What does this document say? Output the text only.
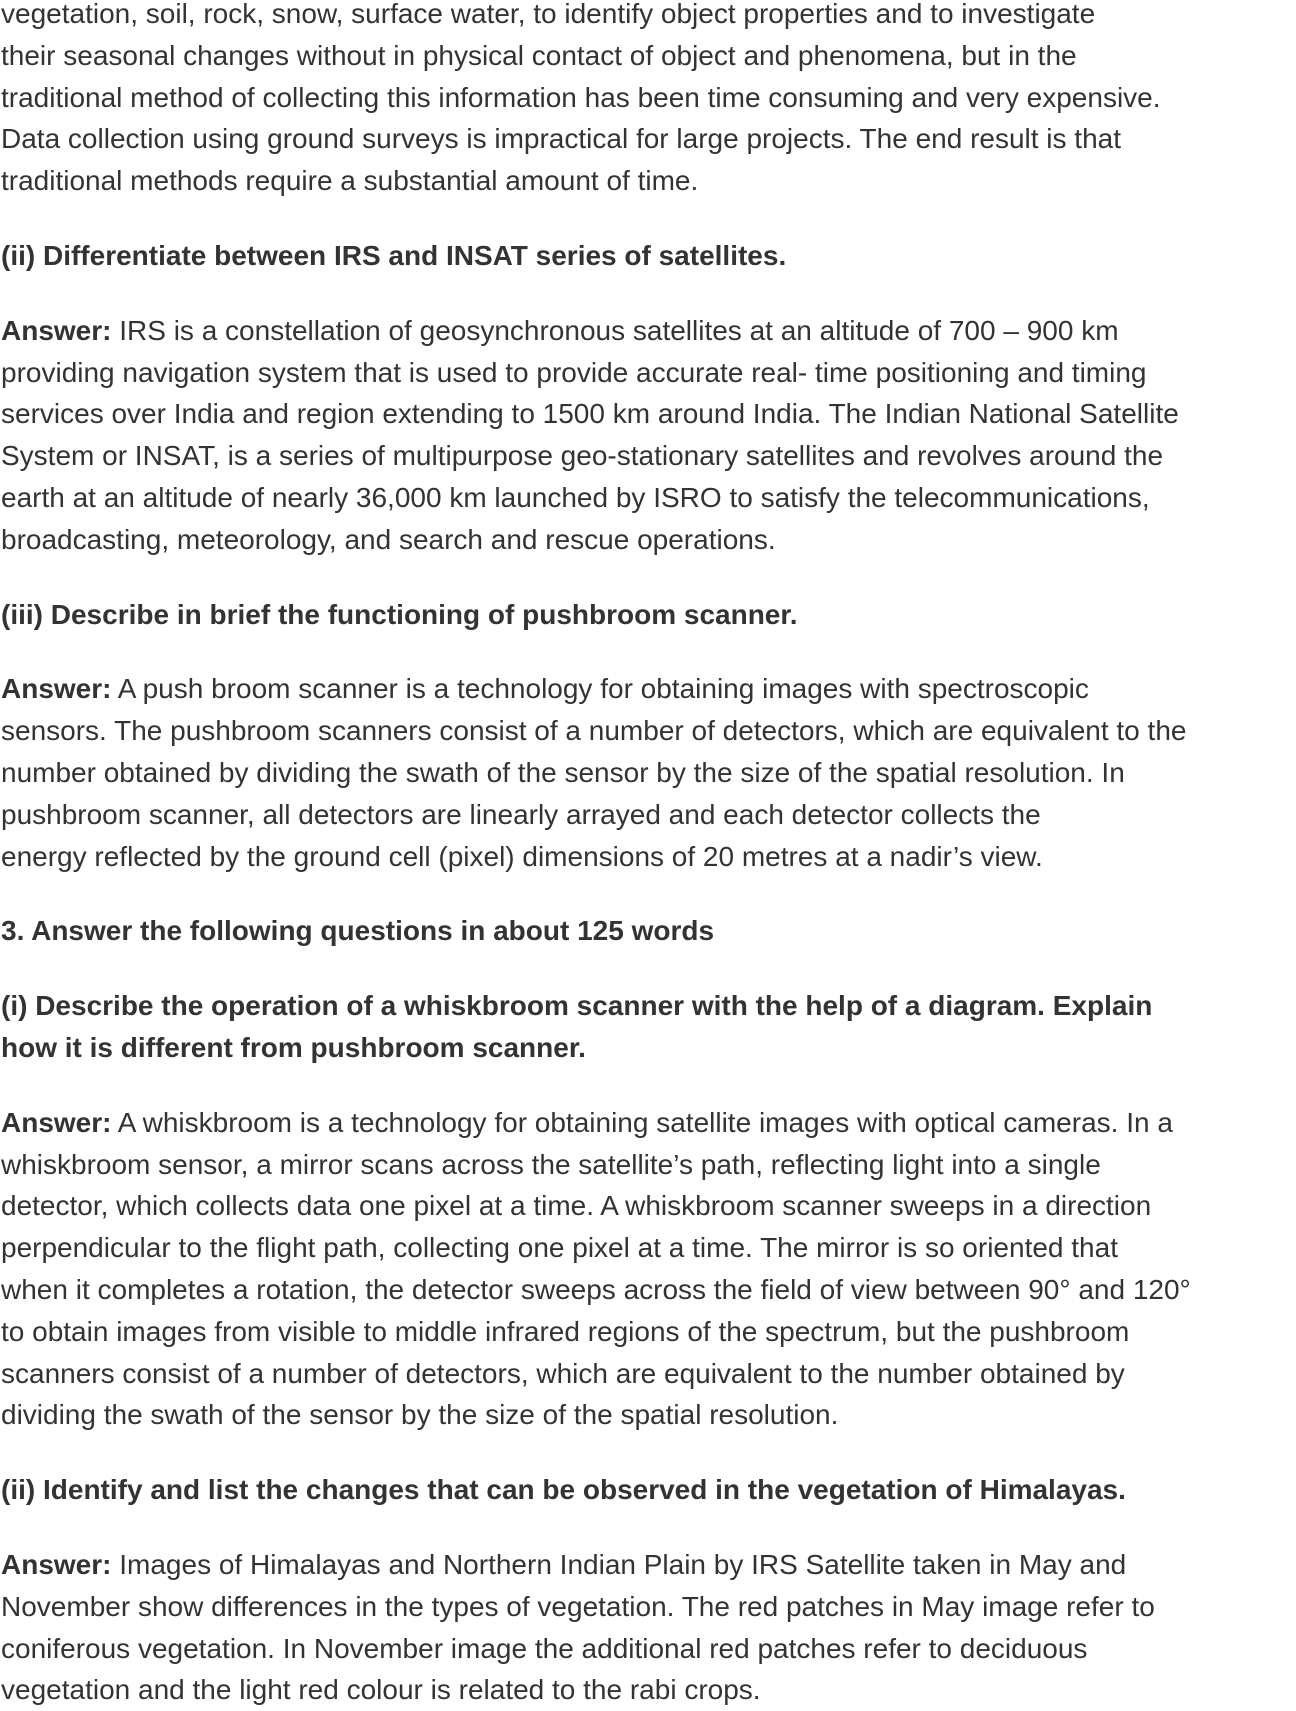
vegetation, soil, rock, snow, surface water, to identify object properties and to investigate
their seasonal changes without in physical contact of object and phenomena, but in the
traditional method of collecting this information has been time consuming and very expensive.
Data collection using ground surveys is impractical for large projects. The end result is that
traditional methods require a substantial amount of time.
(ii) Differentiate between IRS and INSAT series of satellites.
Answer: IRS is a constellation of geosynchronous satellites at an altitude of 700 – 900 km
providing navigation system that is used to provide accurate real- time positioning and timing
services over India and region extending to 1500 km around India. The Indian National Satellite
System or INSAT, is a series of multipurpose geo-stationary satellites and revolves around the
earth at an altitude of nearly 36,000 km launched by ISRO to satisfy the telecommunications,
broadcasting, meteorology, and search and rescue operations.
(iii) Describe in brief the functioning of pushbroom scanner.
Answer: A push broom scanner is a technology for obtaining images with spectroscopic
sensors. The pushbroom scanners consist of a number of detectors, which are equivalent to the
number obtained by dividing the swath of the sensor by the size of the spatial resolution. In
pushbroom scanner, all detectors are linearly arrayed and each detector collects the
energy reflected by the ground cell (pixel) dimensions of 20 metres at a nadir’s view.
3. Answer the following questions in about 125 words
(i) Describe the operation of a whiskbroom scanner with the help of a diagram. Explain
how it is different from pushbroom scanner.
Answer: A whiskbroom is a technology for obtaining satellite images with optical cameras. In a
whiskbroom sensor, a mirror scans across the satellite’s path, reflecting light into a single
detector, which collects data one pixel at a time. A whiskbroom scanner sweeps in a direction
perpendicular to the flight path, collecting one pixel at a time. The mirror is so oriented that
when it completes a rotation, the detector sweeps across the field of view between 90° and 120°
to obtain images from visible to middle infrared regions of the spectrum, but the pushbroom
scanners consist of a number of detectors, which are equivalent to the number obtained by
dividing the swath of the sensor by the size of the spatial resolution.
(ii) Identify and list the changes that can be observed in the vegetation of Himalayas.
Answer: Images of Himalayas and Northern Indian Plain by IRS Satellite taken in May and
November show differences in the types of vegetation. The red patches in May image refer to
coniferous vegetation. In November image the additional red patches refer to deciduous
vegetation and the light red colour is related to the rabi crops.
